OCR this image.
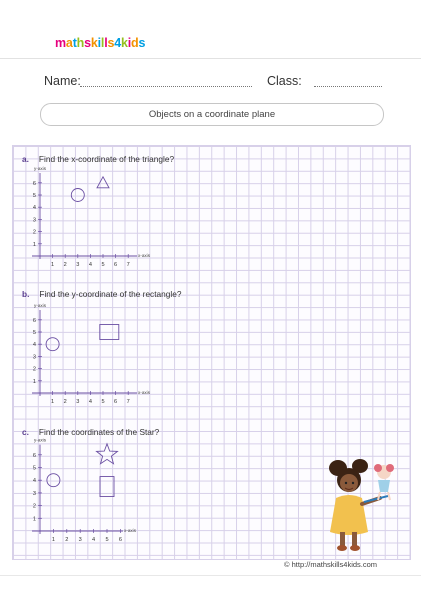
mathskills4kids
Name:	Class:
Objects on a coordinate plane
a. Find the x-coordinate of the triangle?
b. Find the y-coordinate of the rectangle?
c. Find the coordinates of the Star?
x-axis
y-axis
1 2 3 4 5 6 7
1
2
3
4
5
6
x-axis
y-axis
1 2 3 4 5 6 7
1
2
3
4
5
6
x-axis
y-axis
1 2 3 4 5 6
1
2
3
4
5
6
© http://mathskills4kids.com
